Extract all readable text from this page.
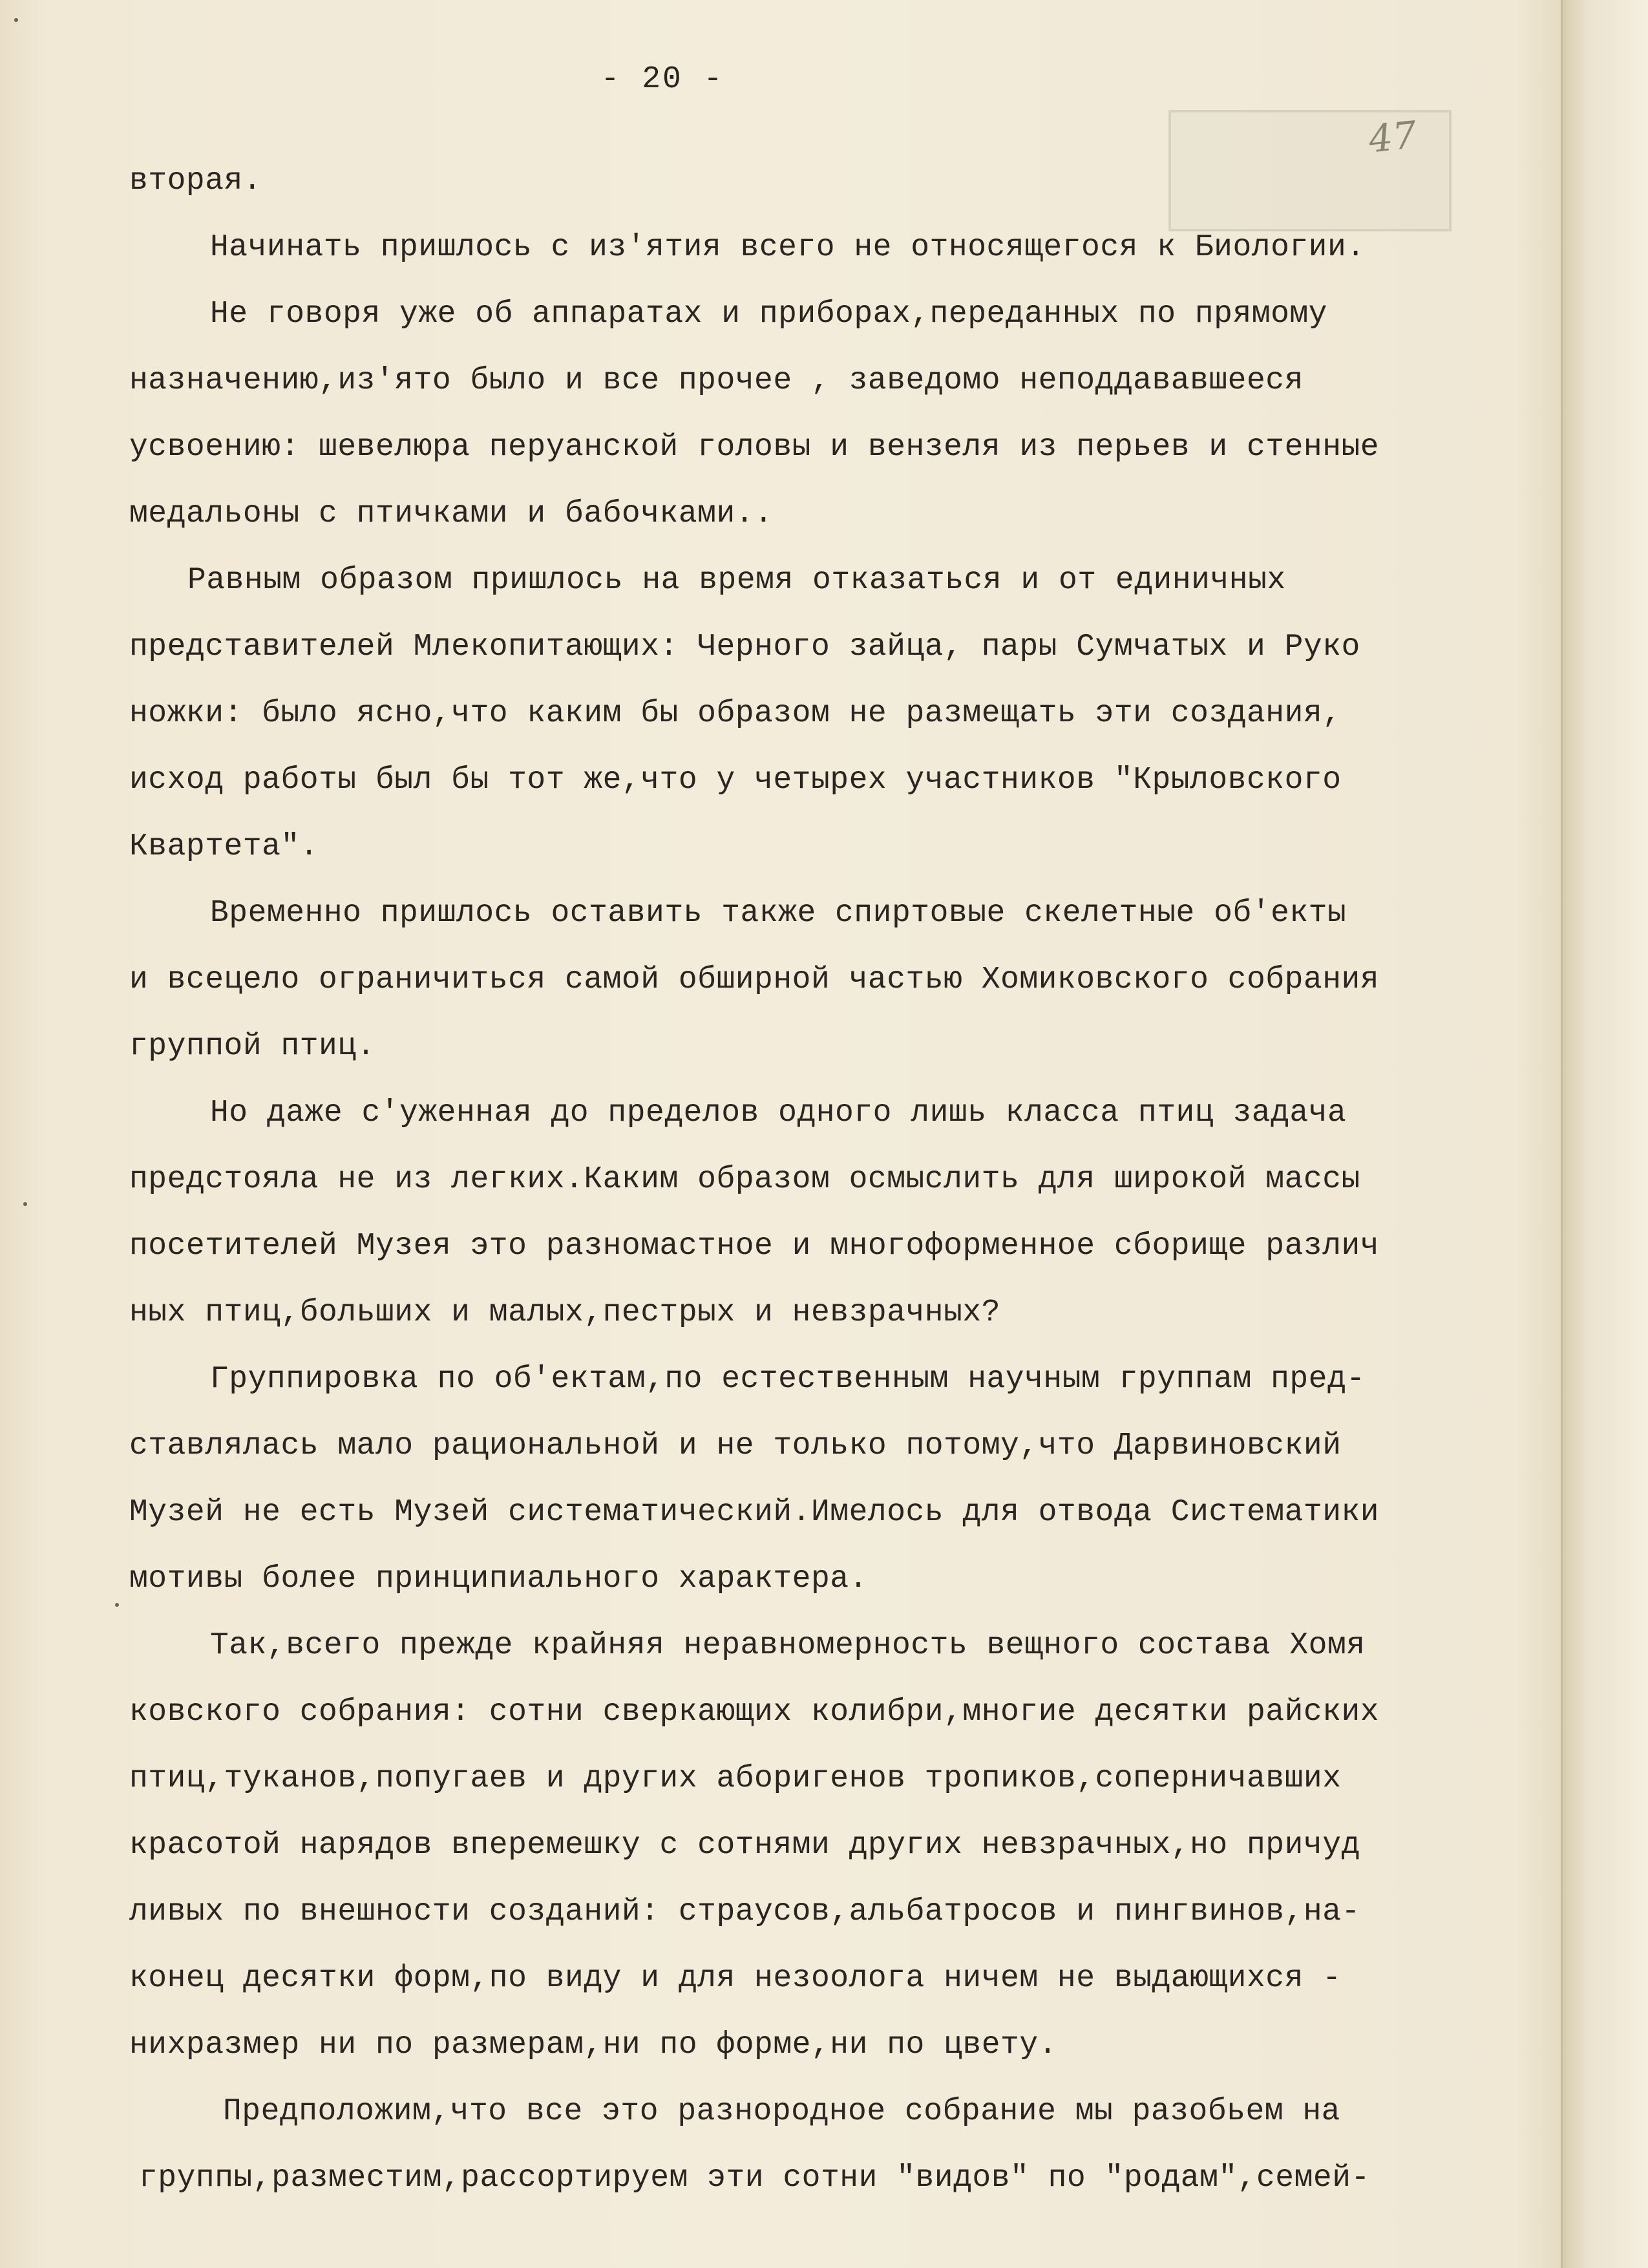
- 20 -
47

вторая.

Начинать пришлось с из'ятия всего не относящегося к Биологии.

Не говоря уже об аппаратах и приборах,переданных по прямому

назначению,из'ято было и все прочее , заведомо неподдававшееся

усвоению: шевелюра перуанской головы и вензеля из перьев и стенные

медальоны с птичками и бабочками..

Равным образом пришлось на время отказаться и от единичных

представителей Млекопитающих: Черного зайца, пары Сумчатых и Руко

ножки: было ясно,что каким бы образом не размещать эти создания,

исход работы был бы тот же,что у четырех участников "Крыловского

Квартета".

Временно пришлось оставить также спиртовые скелетные об'екты

и всецело ограничиться самой обширной частью Хомиковского собрания

группой птиц.

Но даже с'уженная до пределов одного лишь класса птиц задача

предстояла не из легких.Каким образом осмыслить для широкой массы

посетителей Музея это разномастное и многоформенное сборище различ

ных птиц,больших и малых,пестрых и невзрачных?

Группировка по об'ектам,по естественным научным группам пред-

ставлялась мало рациональной и не только потому,что Дарвиновский

Музей не есть Музей систематический.Имелось для отвода Систематики

мотивы более принципиального характера.

Так,всего прежде крайняя неравномерность вещного состава Хомя

ковского собрания: сотни сверкающих колибри,многие десятки райских

птиц,туканов,попугаев и других аборигенов тропиков,соперничавших

красотой нарядов вперемешку с сотнями других невзрачных,но причуд

ливых по внешности созданий: страусов,альбатросов и пингвинов,на-

конец десятки форм,по виду и для незоолога ничем не выдающихся -

ниxразмер ни по размерам,ни по форме,ни по цвету.

Предположим,что все это разнородное собрание мы разобьем на

группы,разместим,рассортируем эти сотни "видов" по "родам",семей-
